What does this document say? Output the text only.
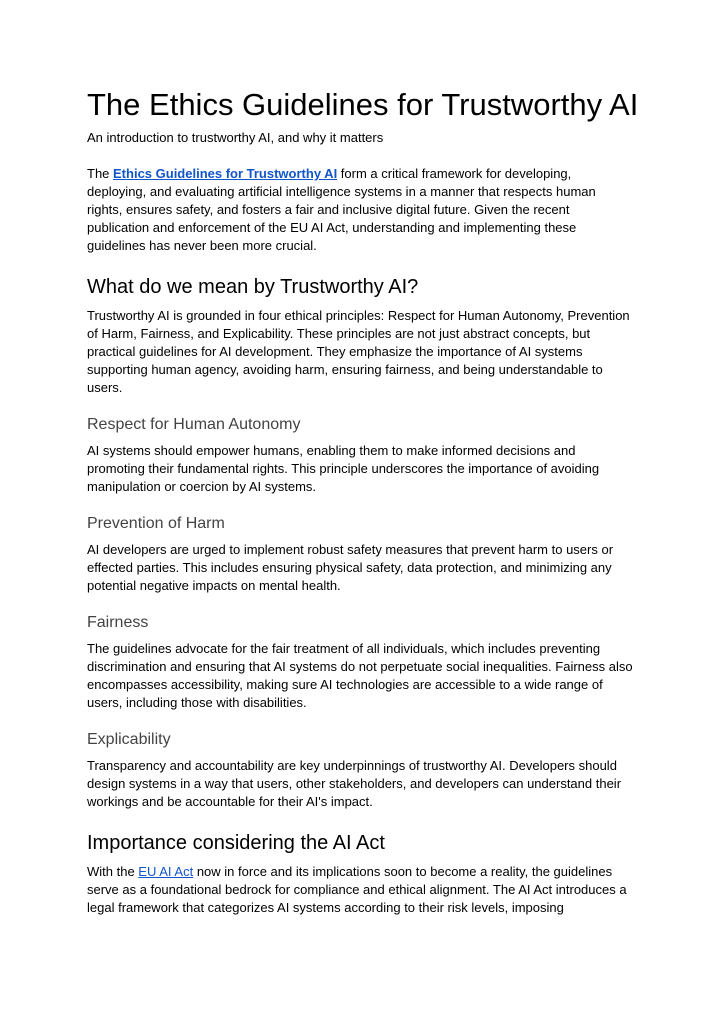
The Ethics Guidelines for Trustworthy AI
An introduction to trustworthy AI, and why it matters

The Ethics Guidelines for Trustworthy AI form a critical framework for developing, deploying, and evaluating artificial intelligence systems in a manner that respects human rights, ensures safety, and fosters a fair and inclusive digital future. Given the recent publication and enforcement of the EU AI Act, understanding and implementing these guidelines has never been more crucial.

What do we mean by Trustworthy AI?

Trustworthy AI is grounded in four ethical principles: Respect for Human Autonomy, Prevention of Harm, Fairness, and Explicability. These principles are not just abstract concepts, but practical guidelines for AI development. They emphasize the importance of AI systems supporting human agency, avoiding harm, ensuring fairness, and being understandable to users.

Respect for Human Autonomy

AI systems should empower humans, enabling them to make informed decisions and promoting their fundamental rights. This principle underscores the importance of avoiding manipulation or coercion by AI systems.

Prevention of Harm

AI developers are urged to implement robust safety measures that prevent harm to users or effected parties. This includes ensuring physical safety, data protection, and minimizing any potential negative impacts on mental health.

Fairness

The guidelines advocate for the fair treatment of all individuals, which includes preventing discrimination and ensuring that AI systems do not perpetuate social inequalities. Fairness also encompasses accessibility, making sure AI technologies are accessible to a wide range of users, including those with disabilities.

Explicability

Transparency and accountability are key underpinnings of trustworthy AI. Developers should design systems in a way that users, other stakeholders, and developers can understand their workings and be accountable for their AI's impact.

Importance considering the AI Act

With the EU AI Act now in force and its implications soon to become a reality, the guidelines serve as a foundational bedrock for compliance and ethical alignment. The AI Act introduces a legal framework that categorizes AI systems according to their risk levels, imposing
